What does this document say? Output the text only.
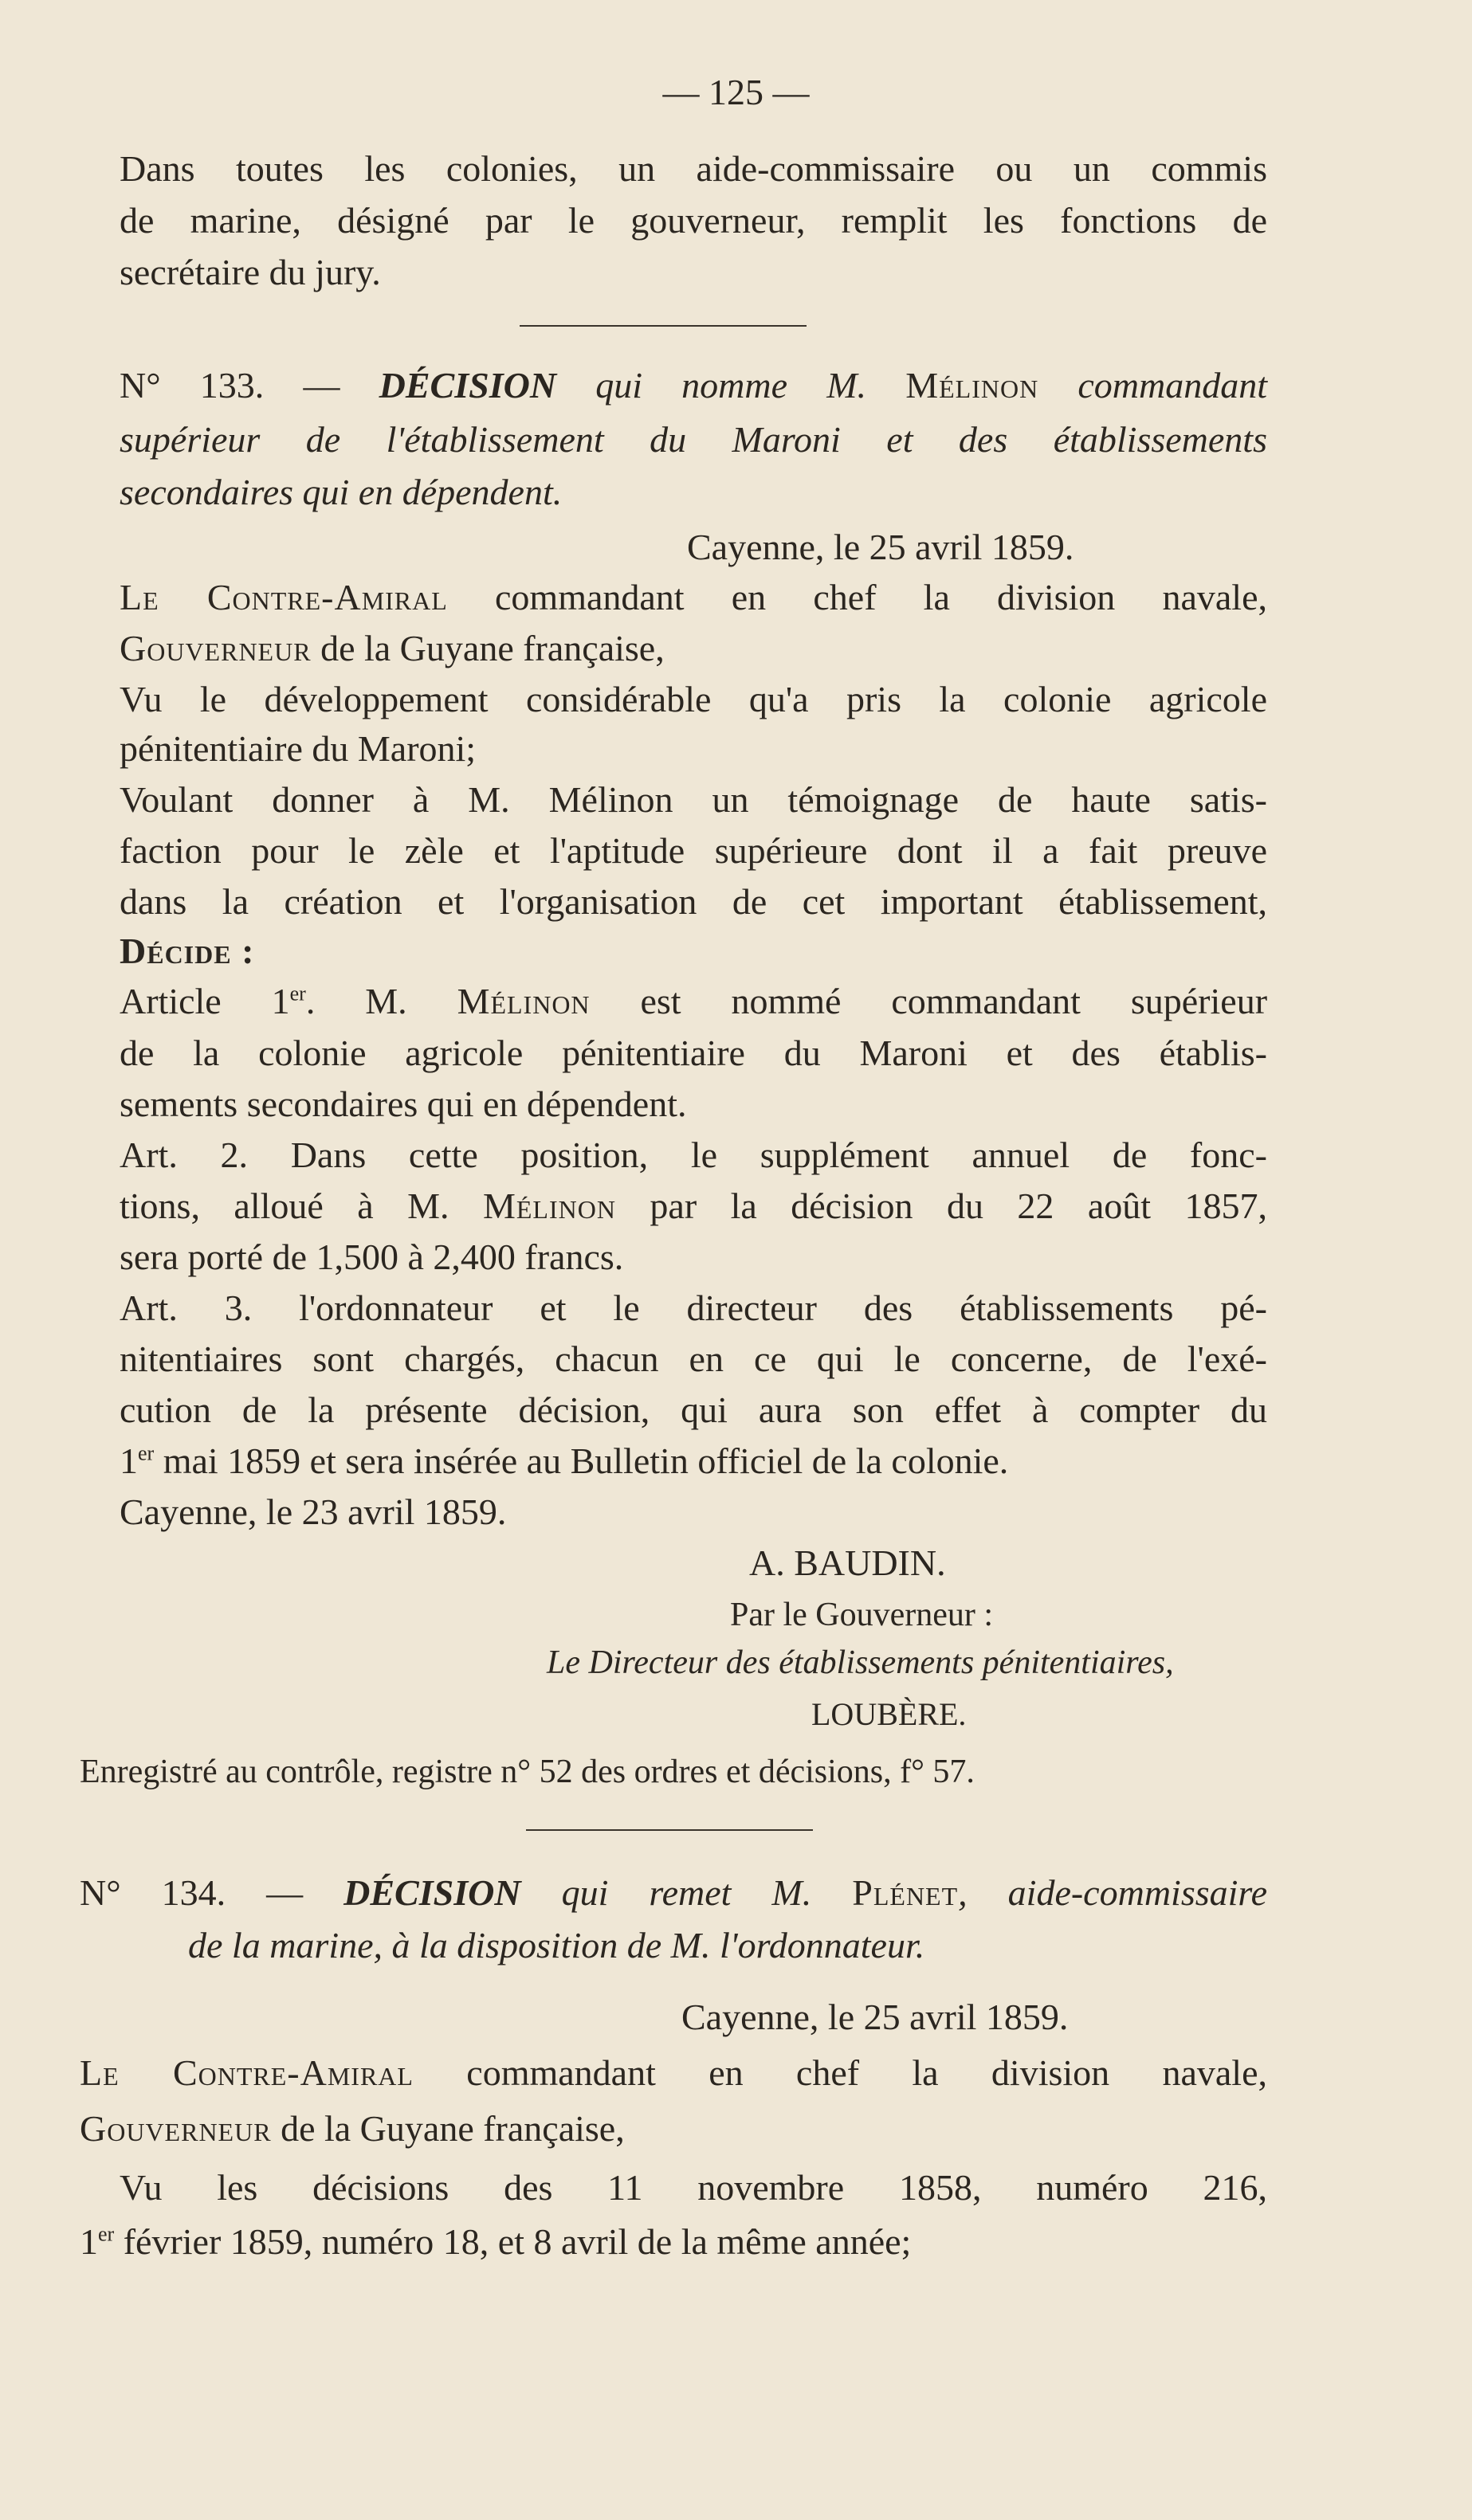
— 125 —

Dans toutes les colonies, un aide-commissaire ou un commis

de marine, désigné par le gouverneur, remplit les fonctions de

secrétaire du jury.

N° 133. — DÉCISION qui nomme M. Mélinon commandant

supérieur de l'établissement du Maroni et des établissements

secondaires qui en dépendent.

Cayenne, le 25 avril 1859.

Le Contre-Amiral commandant en chef la division navale,

Gouverneur de la Guyane française,

Vu le développement considérable qu'a pris la colonie agricole

pénitentiaire du Maroni;

Voulant donner à M. Mélinon un témoignage de haute satis-

faction pour le zèle et l'aptitude supérieure dont il a fait preuve

dans la création et l'organisation de cet important établissement,

Décide :

Article 1er. M. Mélinon est nommé commandant supérieur

de la colonie agricole pénitentiaire du Maroni et des établis-

sements secondaires qui en dépendent.

Art. 2. Dans cette position, le supplément annuel de fonc-

tions, alloué à M. Mélinon par la décision du 22 août 1857,

sera porté de 1,500 à 2,400 francs.

Art. 3. l'ordonnateur et le directeur des établissements pé-

nitentiaires sont chargés, chacun en ce qui le concerne, de l'exé-

cution de la présente décision, qui aura son effet à compter du

1er mai 1859 et sera insérée au Bulletin officiel de la colonie.

Cayenne, le 23 avril 1859.

A. BAUDIN.

Par le Gouverneur :

Le Directeur des établissements pénitentiaires,

LOUBÈRE.

Enregistré au contrôle, registre n° 52 des ordres et décisions, f° 57.

N° 134. — DÉCISION qui remet M. Plénet, aide-commissaire

de la marine, à la disposition de M. l'ordonnateur.

Cayenne, le 25 avril 1859.

Le Contre-Amiral commandant en chef la division navale,

Gouverneur de la Guyane française,

Vu les décisions des 11 novembre 1858, numéro 216,

1er février 1859, numéro 18, et 8 avril de la même année;
